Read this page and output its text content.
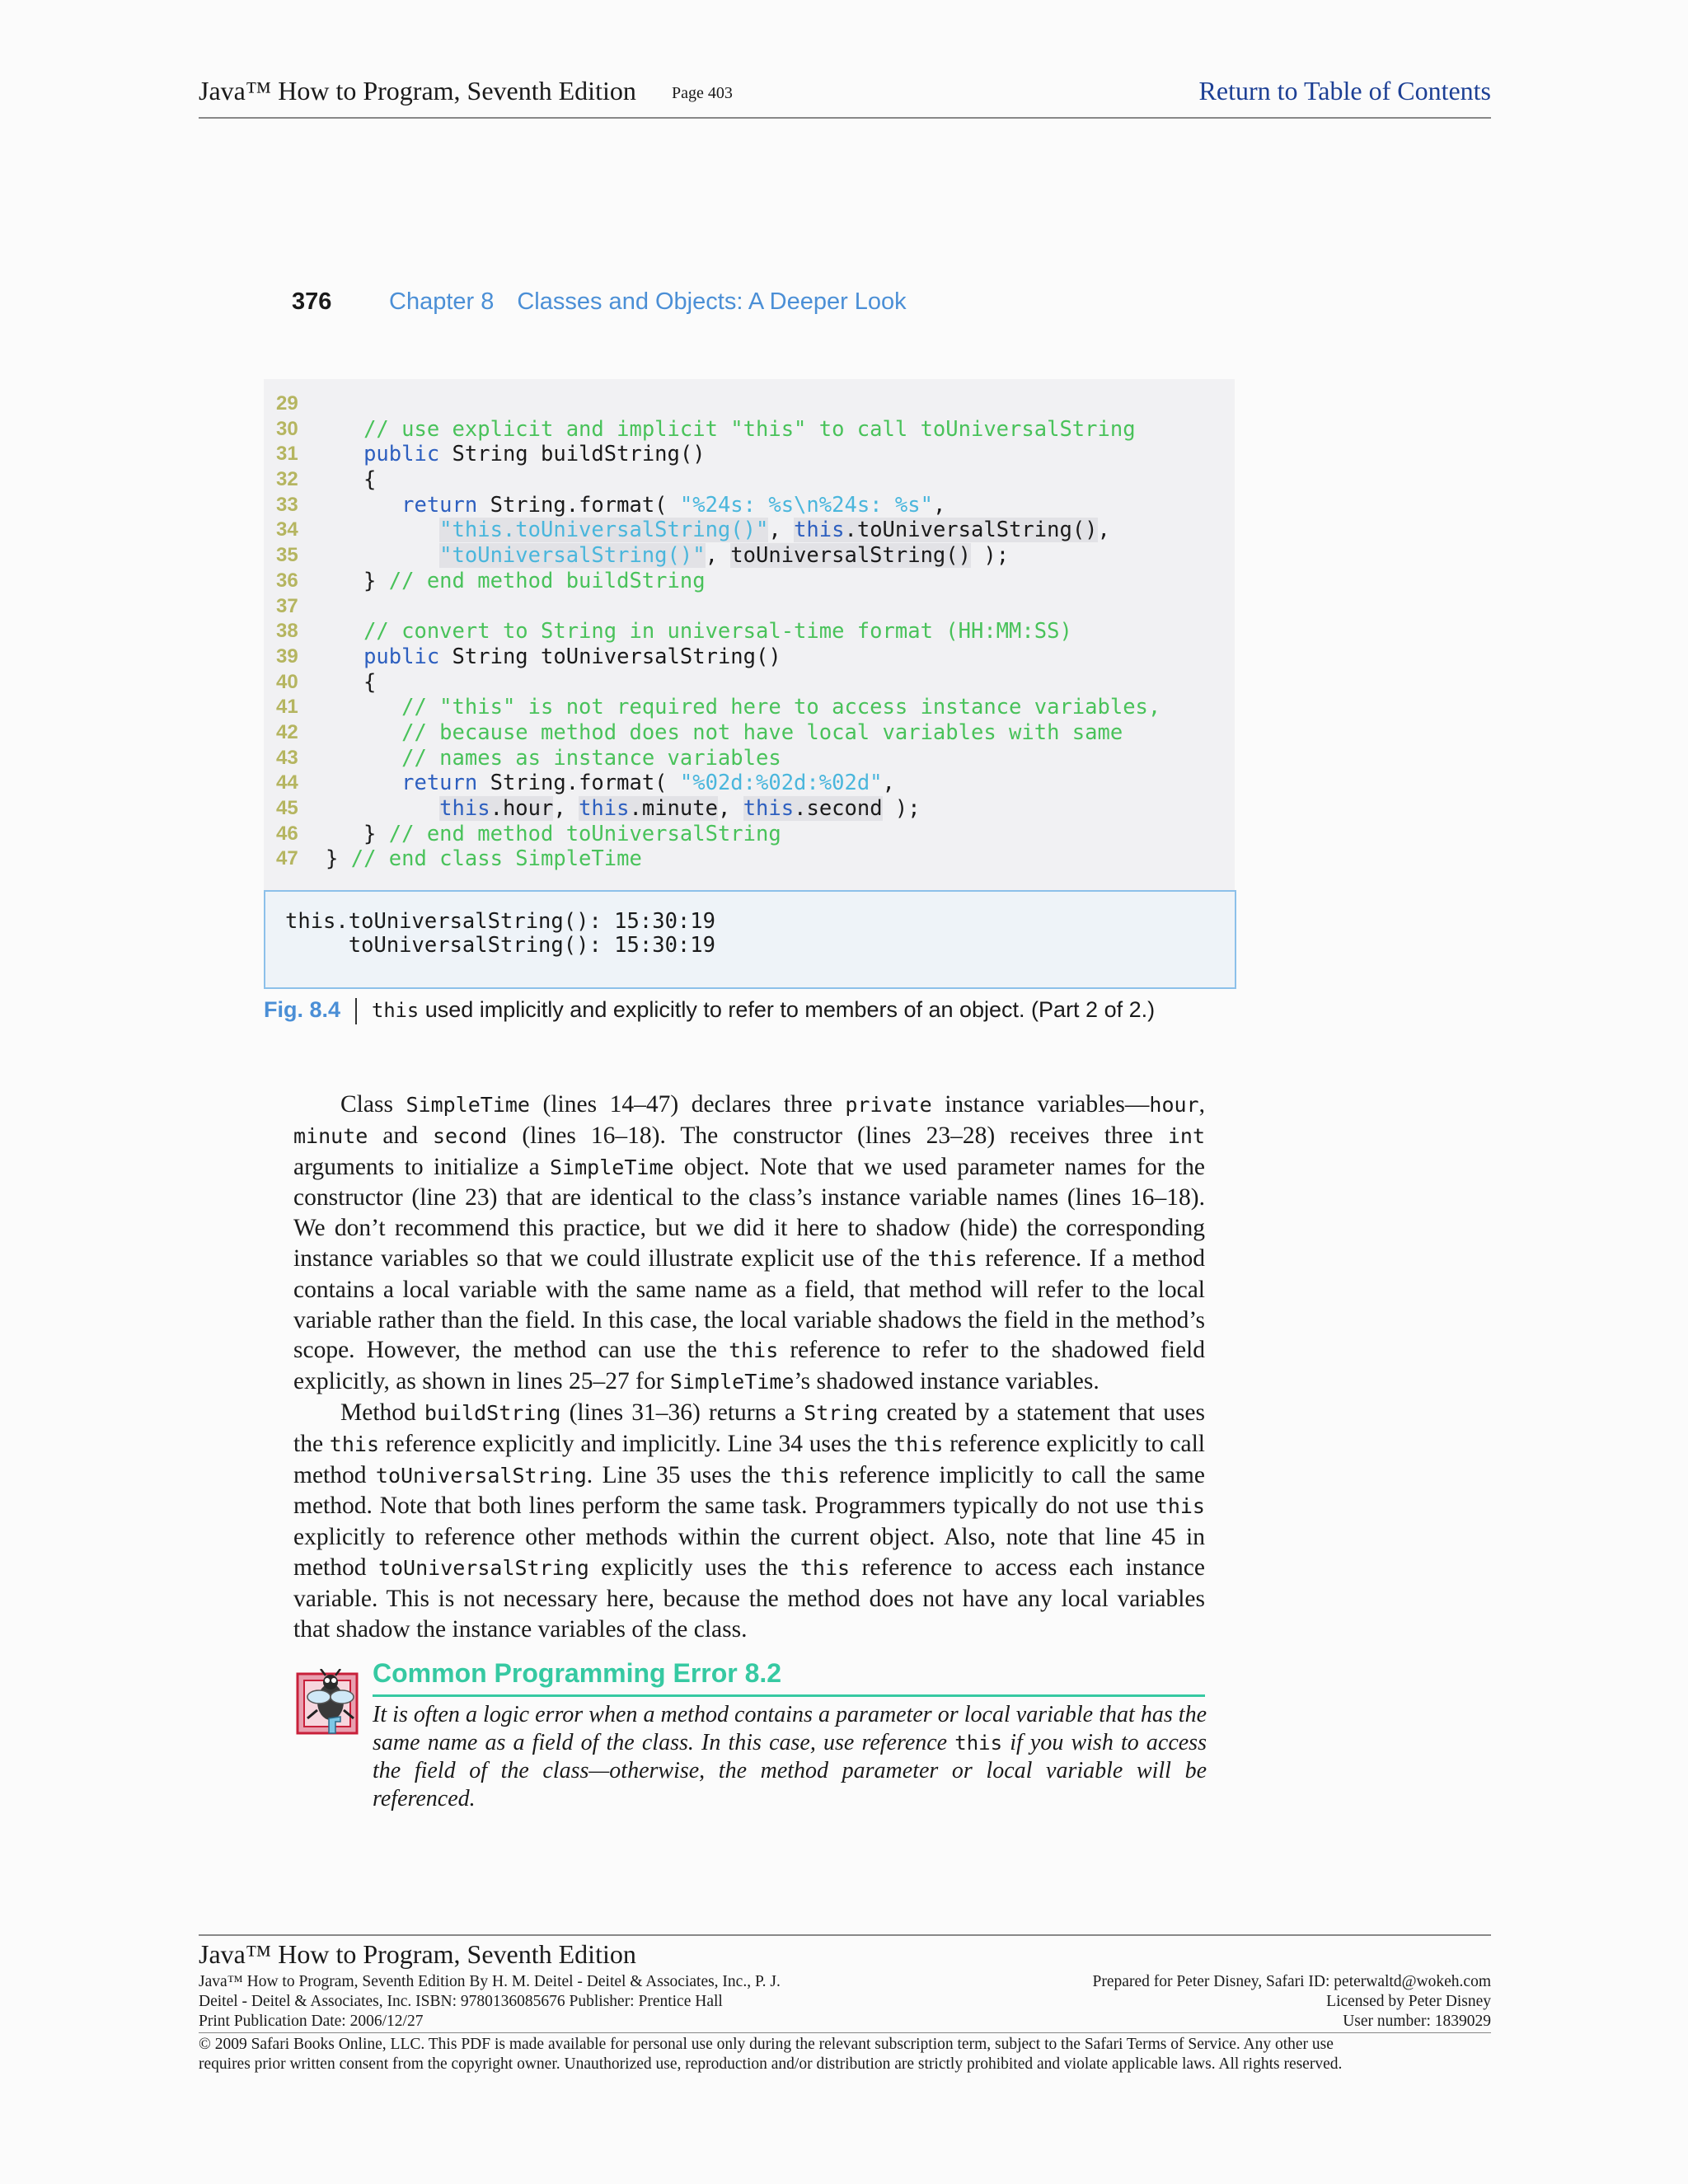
Java™ How to Program, Seventh Edition Page 403	Return to Table of Contents
376 Chapter 8 Classes and Objects: A Deeper Look
29
30	// use explicit and implicit "this" to call toUniversalString
31	public String buildString()
32	{
33	return String.format( "%24s: %s\n%24s: %s",
34	"this.toUniversalString()", this.toUniversalString(),
35	"toUniversalString()", toUniversalString() );
36	} // end method buildString
37
38	// convert to String in universal-time format (HH:MM:SS)
39	public String toUniversalString()
40	{
41	// "this" is not required here to access instance variables,
42	// because method does not have local variables with same
43	// names as instance variables
44	return String.format( "%02d:%02d:%02d",
45	this.hour, this.minute, this.second );
46	} // end method toUniversalString
47	} // end class SimpleTime
this.toUniversalString(): 15:30:19
toUniversalString(): 15:30:19
Fig. 8.4 this used implicitly and explicitly to refer to members of an object. (Part 2 of 2.)

Class SimpleTime (lines 14–47) declares three private instance variables—hour, minute and second (lines 16–18). The constructor (lines 23–28) receives three int arguments to initialize a SimpleTime object. Note that we used parameter names for the constructor (line 23) that are identical to the class’s instance variable names (lines 16–18). We don’t recommend this practice, but we did it here to shadow (hide) the corresponding instance variables so that we could illustrate explicit use of the this reference. If a method contains a local variable with the same name as a field, that method will refer to the local variable rather than the field. In this case, the local variable shadows the field in the method’s scope. However, the method can use the this reference to refer to the shadowed field explicitly, as shown in lines 25–27 for SimpleTime’s shadowed instance variables.

Method buildString (lines 31–36) returns a String created by a statement that uses the this reference explicitly and implicitly. Line 34 uses the this reference explicitly to call method toUniversalString. Line 35 uses the this reference implicitly to call the same method. Note that both lines perform the same task. Programmers typically do not use this explicitly to reference other methods within the current object. Also, note that line 45 in method toUniversalString explicitly uses the this reference to access each instance variable. This is not necessary here, because the method does not have any local variables that shadow the instance variables of the class.

Common Programming Error 8.2
It is often a logic error when a method contains a parameter or local variable that has the same name as a field of the class. In this case, use reference this if you wish to access the field of the class—otherwise, the method parameter or local variable will be referenced.
Java™ How to Program, Seventh Edition
Java™ How to Program, Seventh Edition By H. M. Deitel - Deitel & Associates, Inc., P. J.
Deitel - Deitel & Associates, Inc. ISBN: 9780136085676 Publisher: Prentice Hall
Print Publication Date: 2006/12/27
Prepared for Peter Disney, Safari ID: peterwaltd@wokeh.com
Licensed by Peter Disney
User number: 1839029
© 2009 Safari Books Online, LLC. This PDF is made available for personal use only during the relevant subscription term, subject to the Safari Terms of Service. Any other use
requires prior written consent from the copyright owner. Unauthorized use, reproduction and/or distribution are strictly prohibited and violate applicable laws. All rights reserved.
